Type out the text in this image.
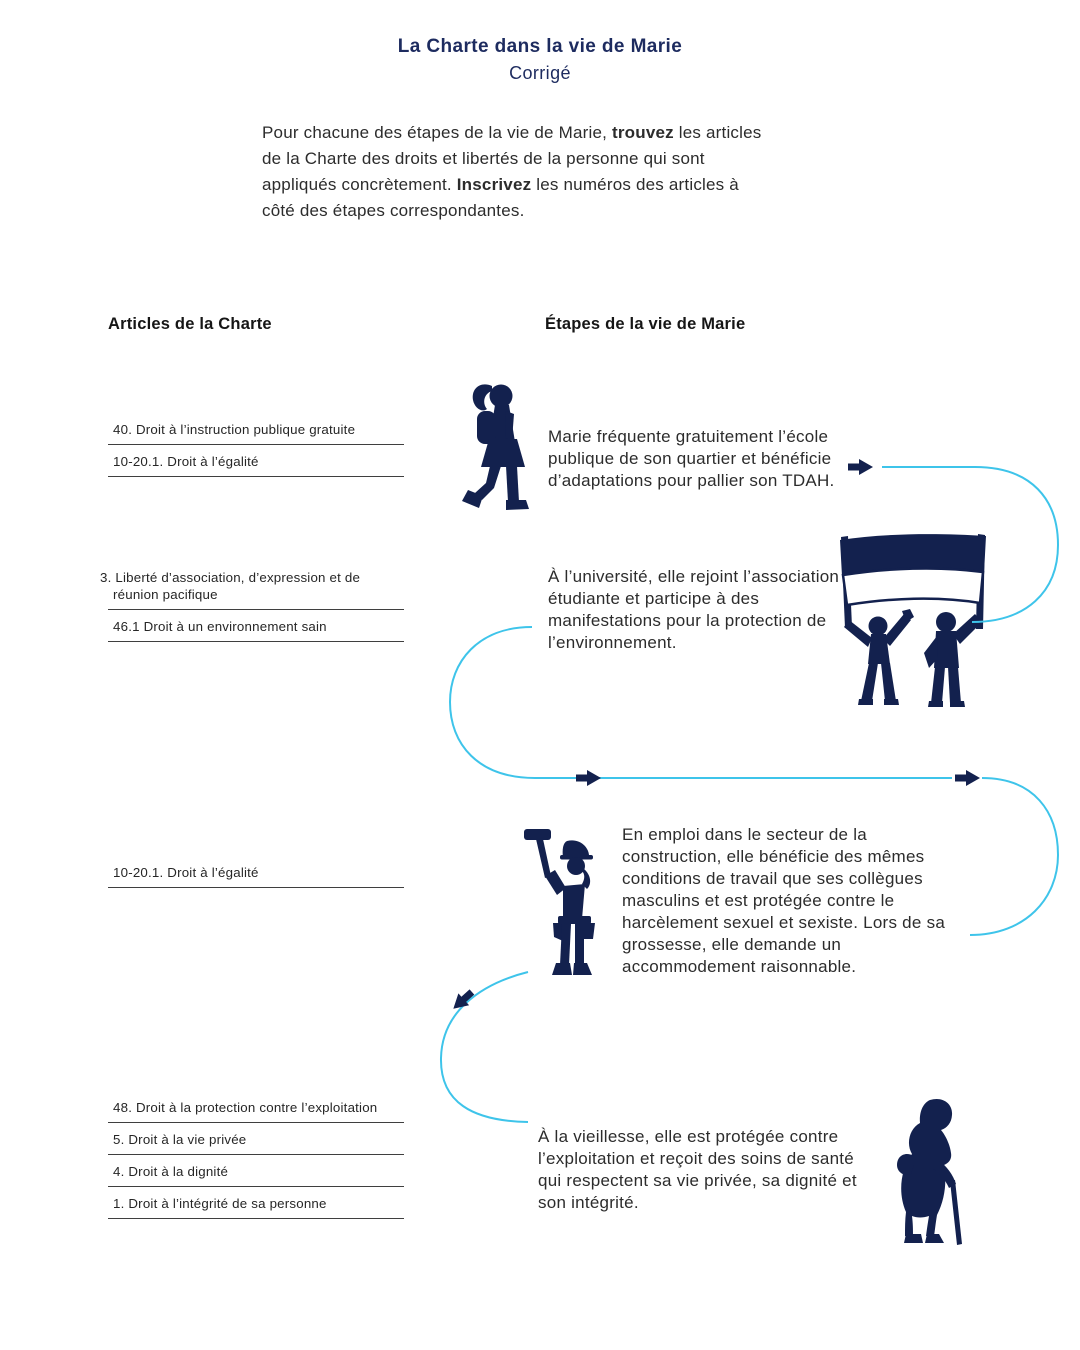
La Charte dans la vie de Marie
Corrigé

Pour chacune des étapes de la vie de Marie, trouvez les articles de la Charte des droits et libertés de la personne qui sont appliqués concrètement. Inscrivez les numéros des articles à côté des étapes correspondantes.

Articles de la Charte	Étapes de la vie de Marie
40. Droit à l’instruction publique gratuite
10-20.1. Droit à l’égalité
3. Liberté d’association, d’expression et de réunion pacifique
46.1 Droit à un environnement sain
10-20.1. Droit à l’égalité
48. Droit à la protection contre l’exploitation
5. Droit à la vie privée
4. Droit à la dignité
1. Droit à l’intégrité de sa personne

Marie fréquente gratuitement l’école publique de son quartier et bénéficie d’adaptations pour pallier son TDAH.

À l’université, elle rejoint l’association étudiante et participe à des manifestations pour la protection de l’environnement.

En emploi dans le secteur de la construction, elle bénéficie des mêmes conditions de travail que ses collègues masculins et est protégée contre le harcèlement sexuel et sexiste. Lors de sa grossesse, elle demande un accommodement raisonnable.

À la vieillesse, elle est protégée contre l’exploitation et reçoit des soins de santé qui respectent sa vie privée, sa dignité et son intégrité.
